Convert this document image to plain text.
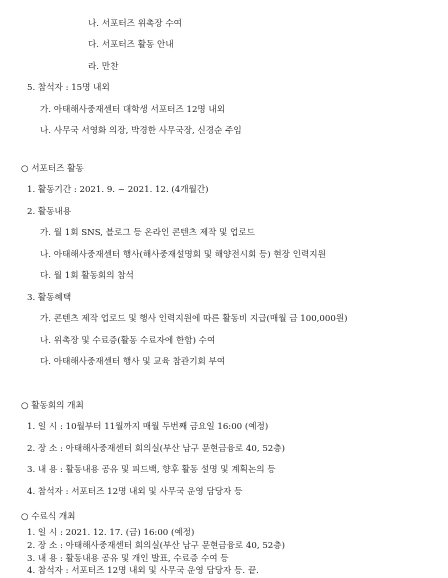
나. 서포터즈 위촉장 수여
다. 서포터즈 활동 안내
라. 만찬
5. 참석자 : 15명 내외
가. 아태해사중재센터 대학생 서포터즈 12명 내외
나. 사무국 서영화 의장, 박경한 사무국장, 신경순 주임
○ 서포터즈 활동
1. 활동기간 : 2021. 9. ~ 2021. 12. (4개월간)
2. 활동내용
가. 월 1회 SNS, 블로그 등 온라인 콘텐츠 제작 및 업로드
나. 아태해사중재센터 행사(해사중재설명회 및 해양전시회 등) 현장 인력지원
다. 월 1회 활동회의 참석
3. 활동혜택
가. 콘텐츠 제작 업로드 및 행사 인력지원에 따른 활동비 지급(매월 금 100,000원)
나. 위촉장 및 수료증(활동 수료자에 한함) 수여
다. 아태해사중재센터 행사 및 교육 참관기회 부여
○ 활동회의 개최
1. 일 시 : 10월부터 11월까지 매월 두번째 금요일 16:00 (예정)
2. 장 소 : 아태해사중재센터 회의실(부산 남구 문현금융로 40, 52층)
3. 내 용 : 활동내용 공유 및 피드백, 향후 활동 설명 및 계획논의 등
4. 참석자 : 서포터즈 12명 내외 및 사무국 운영 담당자 등
○ 수료식 개최
1. 일 시 : 2021. 12. 17. (금) 16:00 (예정)
2. 장 소 : 아태해사중재센터 회의실(부산 남구 문현금융로 40, 52층)
3. 내 용 : 활동내용 공유 및 개인 발표, 수료증 수여 등
4. 참석자 : 서포터즈 12명 내외 및 사무국 운영 담당자 등. 끝.
